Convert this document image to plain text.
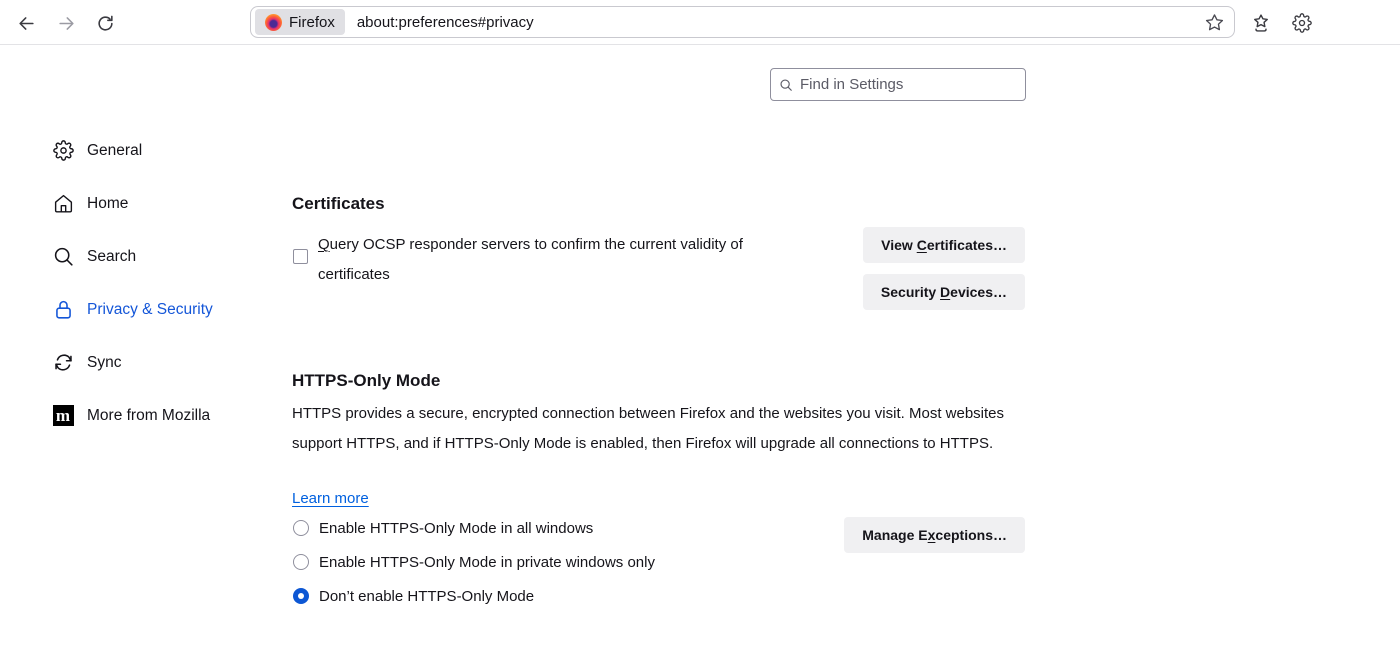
Firefox about:preferences#privacy
Find in Settings
General
Home
Search
Privacy & Security
Sync
m More from Mozilla
Certificates
Query OCSP responder servers to confirm the current validity of certificates
View Certificates…
Security Devices…
HTTPS-Only Mode

HTTPS provides a secure, encrypted connection between Firefox and the websites you visit. Most websites support HTTPS, and if HTTPS-Only Mode is enabled, then Firefox will upgrade all connections to HTTPS.

Learn more
Enable HTTPS-Only Mode in all windows
Enable HTTPS-Only Mode in private windows only
Don’t enable HTTPS-Only Mode
Manage Exceptions…
